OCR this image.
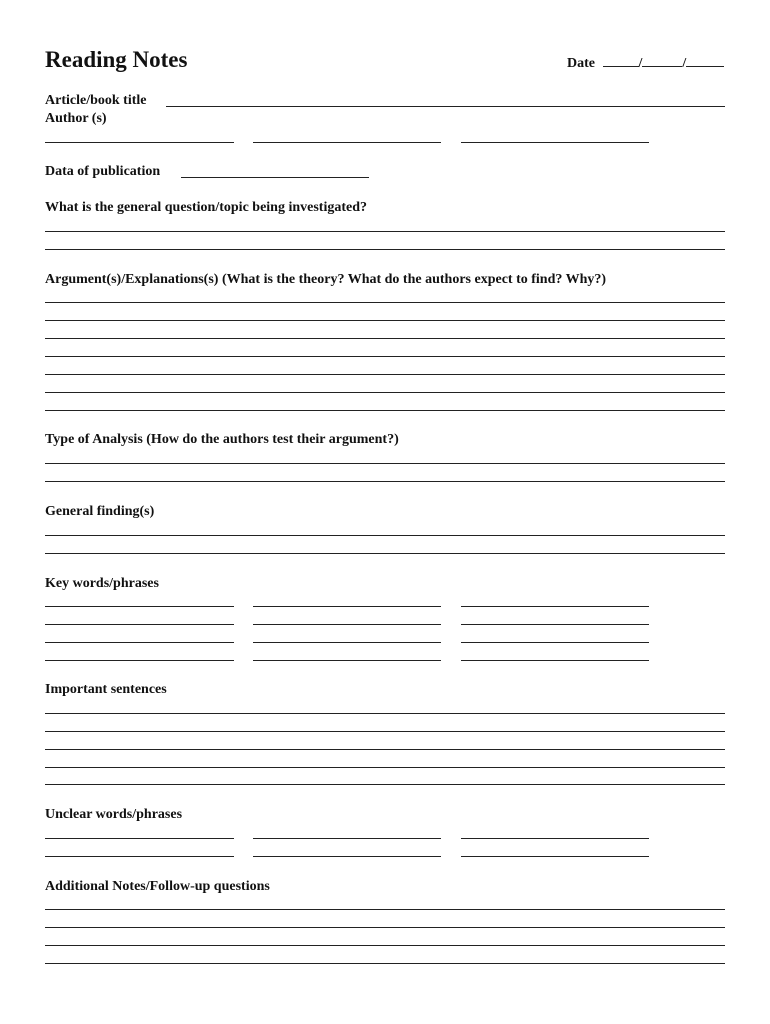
Reading Notes	Date	/	/
Article/book title
Author (s)
Data of publication
What is the general question/topic being investigated?
Argument(s)/Explanations(s) (What is the theory? What do the authors expect to find? Why?)
Type of Analysis (How do the authors test their argument?)
General finding(s)
Key words/phrases
Important sentences
Unclear words/phrases
Additional Notes/Follow-up questions
